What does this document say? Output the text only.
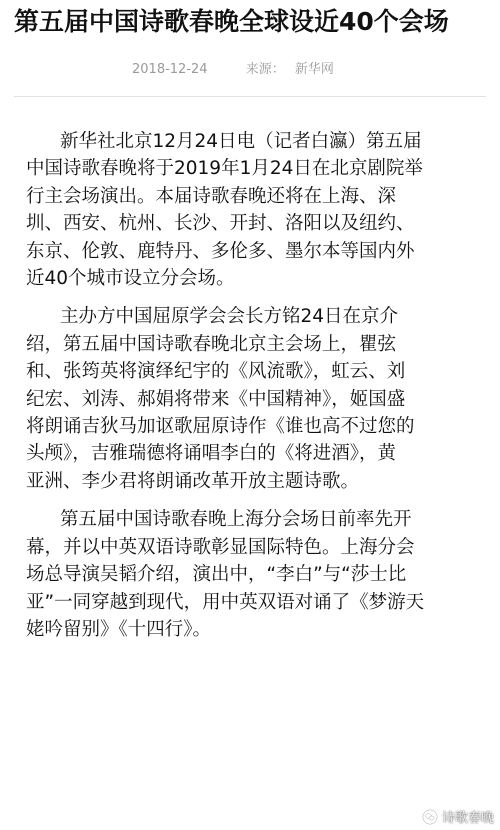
第五届中国诗歌春晚全球设近40个会场
2018-12-24	来源： 新华网
新华社北京12月24日电（记者白瀛）第五届
中国诗歌春晚将于2019年1月24日在北京剧院举
行主会场演出。本届诗歌春晚还将在上海、深
圳、西安、杭州、长沙、开封、洛阳以及纽约、
东京、伦敦、鹿特丹、多伦多、墨尔本等国内外
近40个城市设立分会场。
主办方中国屈原学会会长方铭24日在京介
绍，第五届中国诗歌春晚北京主会场上，瞿弦
和、张筠英将演绎纪宇的《风流歌》，虹云、刘
纪宏、刘涛、郝娟将带来《中国精神》，姬国盛
将朗诵吉狄马加讴歌屈原诗作《谁也高不过您的
头颅》，吉雅瑞德将诵唱李白的《将进酒》，黄
亚洲、李少君将朗诵改革开放主题诗歌。
第五届中国诗歌春晚上海分会场日前率先开
幕，并以中英双语诗歌彰显国际特色。上海分会
场总导演吴韬介绍，演出中，“李白”与“莎士比
亚”一同穿越到现代，用中英双语对诵了《梦游天
姥吟留别》《十四行》。
诗歌春晚
